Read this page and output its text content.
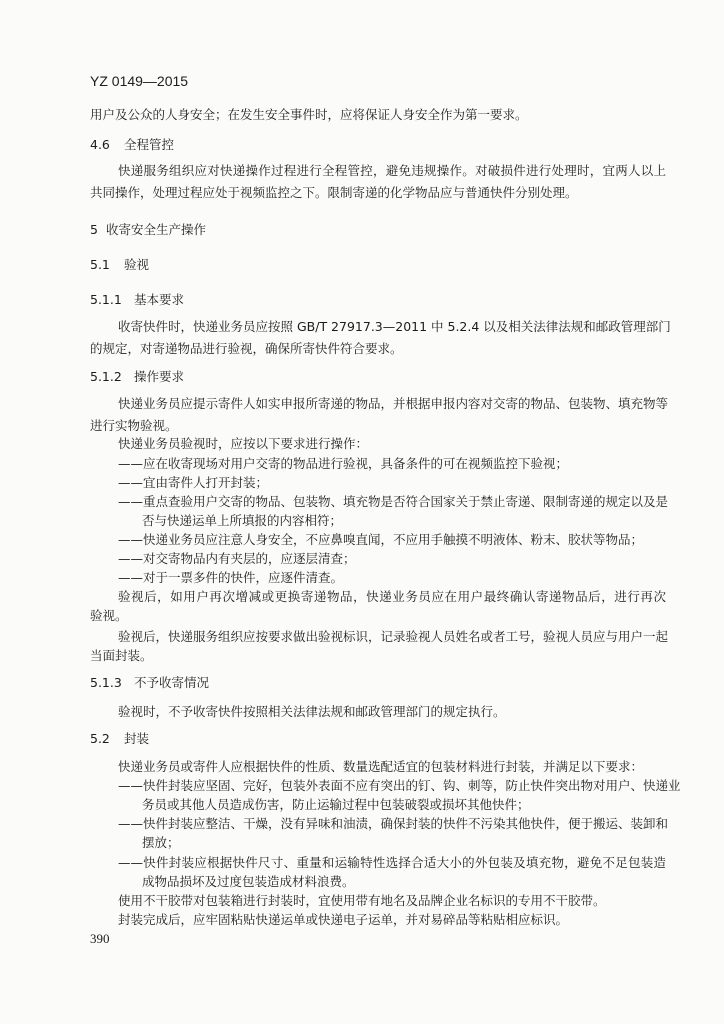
YZ 0149—2015
用户及公众的人身安全；在发生安全事件时，应将保证人身安全作为第一要求。
4.6 全程管控
快递服务组织应对快递操作过程进行全程管控，避免违规操作。对破损件进行处理时，宜两人以上
共同操作，处理过程应处于视频监控之下。限制寄递的化学物品应与普通快件分别处理。
5 收寄安全生产操作
5.1 验视
5.1.1 基本要求
收寄快件时，快递业务员应按照 GB/T 27917.3—2011 中 5.2.4 以及相关法律法规和邮政管理部门
的规定，对寄递物品进行验视，确保所寄快件符合要求。
5.1.2 操作要求
快递业务员应提示寄件人如实申报所寄递的物品，并根据申报内容对交寄的物品、包装物、填充物等
进行实物验视。
快递业务员验视时，应按以下要求进行操作：
——应在收寄现场对用户交寄的物品进行验视，具备条件的可在视频监控下验视；
——宜由寄件人打开封装；
——重点查验用户交寄的物品、包装物、填充物是否符合国家关于禁止寄递、限制寄递的规定以及是
否与快递运单上所填报的内容相符；
——快递业务员应注意人身安全，不应鼻嗅直闻，不应用手触摸不明液体、粉末、胶状等物品；
——对交寄物品内有夹层的，应逐层清查；
——对于一票多件的快件，应逐件清查。
验视后，如用户再次增减或更换寄递物品，快递业务员应在用户最终确认寄递物品后，进行再次
验视。
验视后，快递服务组织应按要求做出验视标识，记录验视人员姓名或者工号，验视人员应与用户一起
当面封装。
5.1.3 不予收寄情况
验视时，不予收寄快件按照相关法律法规和邮政管理部门的规定执行。
5.2 封装
快递业务员或寄件人应根据快件的性质、数量选配适宜的包装材料进行封装，并满足以下要求：
——快件封装应坚固、完好，包装外表面不应有突出的钉、钩、刺等，防止快件突出物对用户、快递业
务员或其他人员造成伤害，防止运输过程中包装破裂或损坏其他快件；
——快件封装应整洁、干燥，没有异味和油渍，确保封装的快件不污染其他快件，便于搬运、装卸和
摆放；
——快件封装应根据快件尺寸、重量和运输特性选择合适大小的外包装及填充物，避免不足包装造
成物品损坏及过度包装造成材料浪费。
使用不干胶带对包装箱进行封装时，宜使用带有地名及品牌企业名标识的专用不干胶带。
封装完成后，应牢固粘贴快递运单或快递电子运单，并对易碎品等粘贴相应标识。
390
